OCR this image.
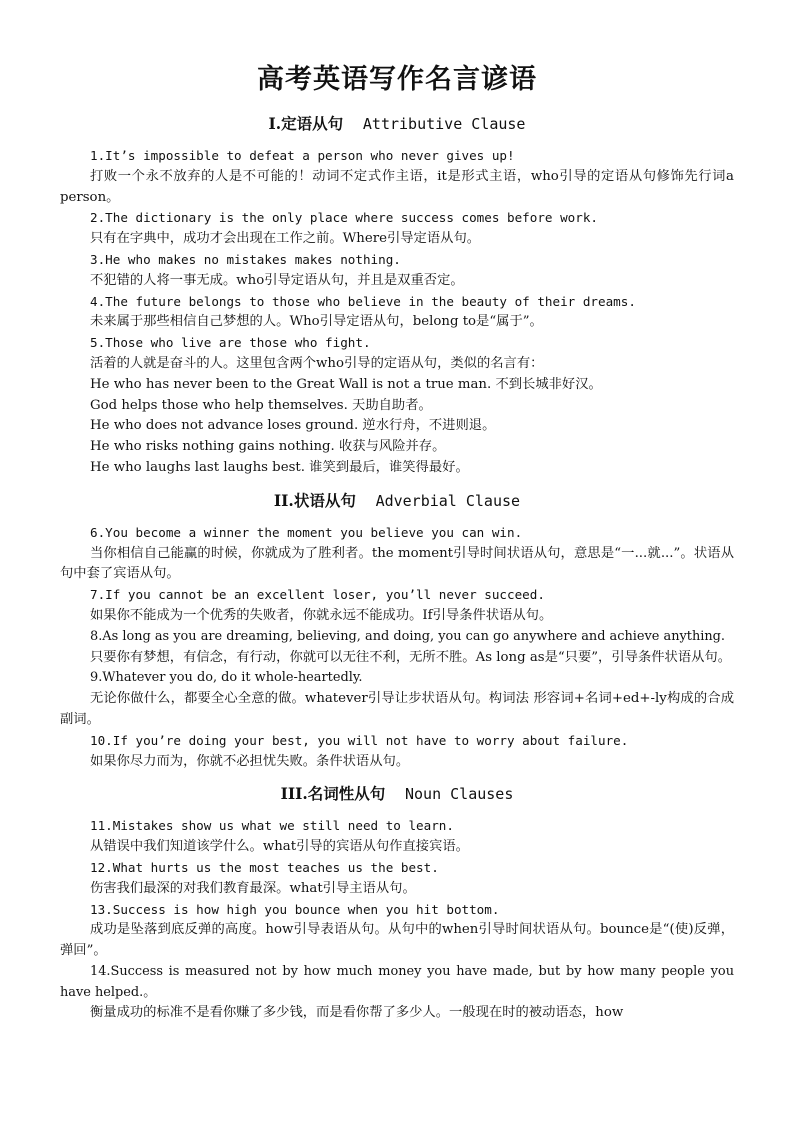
高考英语写作名言谚语
I.定语从句 Attributive Clause
1.It’s impossible to defeat a person who never gives up!
打败一个永不放弃的人是不可能的！动词不定式作主语，it是形式主语，who引导的定语从句修饰先行词a person。
2.The dictionary is the only place where success comes before work.
只有在字典中，成功才会出现在工作之前。Where引导定语从句。
3.He who makes no mistakes makes nothing.
不犯错的人将一事无成。who引导定语从句，并且是双重否定。
4.The future belongs to those who believe in the beauty of their dreams.
未来属于那些相信自己梦想的人。Who引导定语从句，belong to是“属于”。
5.Those who live are those who fight.
活着的人就是奋斗的人。这里包含两个who引导的定语从句，类似的名言有：
He who has never been to the Great Wall is not a true man. 不到长城非好汉。
God helps those who help themselves. 天助自助者。
He who does not advance loses ground. 逆水行舟，不进则退。
He who risks nothing gains nothing. 收获与风险并存。
He who laughs last laughs best. 谁笑到最后，谁笑得最好。
II.状语从句 Adverbial Clause
6.You become a winner the moment you believe you can win.
当你相信自己能赢的时候，你就成为了胜利者。the moment引导时间状语从句，意思是“一...就...”。状语从句中套了宾语从句。
7.If you cannot be an excellent loser, you’ll never succeed.
如果你不能成为一个优秀的失败者，你就永远不能成功。If引导条件状语从句。
8.As long as you are dreaming, believing, and doing, you can go anywhere and achieve anything.
只要你有梦想，有信念，有行动，你就可以无往不利，无所不胜。As long as是“只要”，引导条件状语从句。
9.Whatever you do, do it whole-heartedly.
无论你做什么，都要全心全意的做。whatever引导让步状语从句。构词法 形容词+名词+ed+-ly构成的合成副词。
10.If you’re doing your best, you will not have to worry about failure.
如果你尽力而为，你就不必担忧失败。条件状语从句。
III.名词性从句 Noun Clauses
11.Mistakes show us what we still need to learn.
从错误中我们知道该学什么。what引导的宾语从句作直接宾语。
12.What hurts us the most teaches us the best.
伤害我们最深的对我们教育最深。what引导主语从句。
13.Success is how high you bounce when you hit bottom.
成功是坠落到底反弹的高度。how引导表语从句。从句中的when引导时间状语从句。bounce是“(使)反弹，弹回”。
14.Success is measured not by how much money you have made, but by how many people you have helped.。
衡量成功的标准不是看你赚了多少钱，而是看你帮了多少人。一般现在时的被动语态，how
